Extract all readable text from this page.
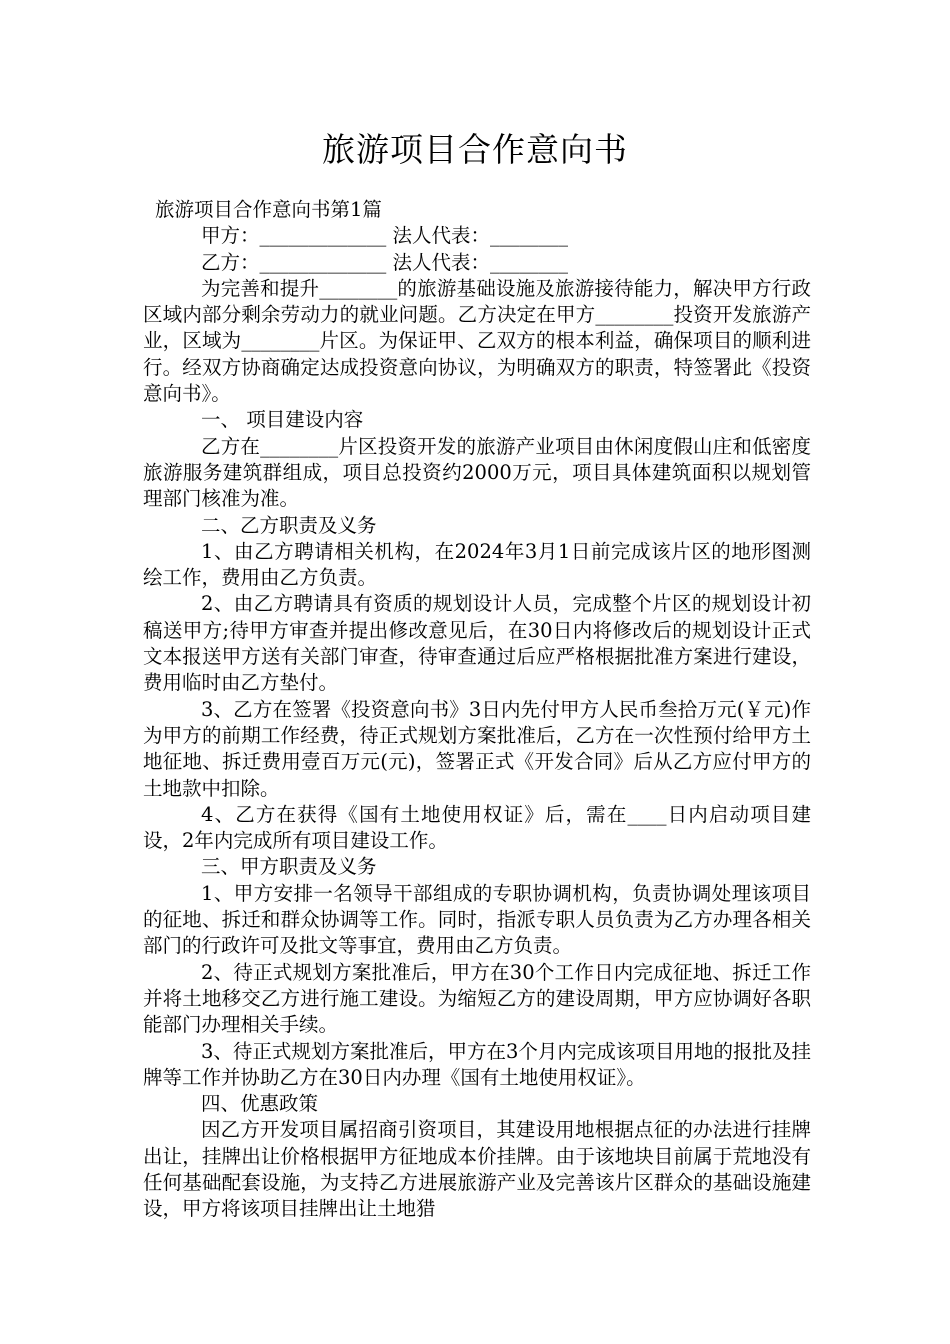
旅游项目合作意向书

旅游项目合作意向书第1篇

甲方：_____________ 法人代表：________

乙方：_____________ 法人代表：________

为完善和提升________的旅游基础设施及旅游接待能力，解决甲方行政区域内部分剩余劳动力的就业问题。乙方决定在甲方________投资开发旅游产业，区域为________片区。为保证甲、乙双方的根本利益，确保项目的顺利进行。经双方协商确定达成投资意向协议，为明确双方的职责，特签署此《投资意向书》。

一、 项目建设内容

乙方在________片区投资开发的旅游产业项目由休闲度假山庄和低密度旅游服务建筑群组成，项目总投资约2000万元，项目具体建筑面积以规划管理部门核准为准。

二、乙方职责及义务

1、由乙方聘请相关机构，在2024年3月1日前完成该片区的地形图测绘工作，费用由乙方负责。

2、由乙方聘请具有资质的规划设计人员，完成整个片区的规划设计初稿送甲方;待甲方审查并提出修改意见后，在30日内将修改后的规划设计正式文本报送甲方送有关部门审查，待审查通过后应严格根据批准方案进行建设，费用临时由乙方垫付。

3、乙方在签署《投资意向书》3日内先付甲方人民币叁拾万元(￥元)作为甲方的前期工作经费，待正式规划方案批准后，乙方在一次性预付给甲方土地征地、拆迁费用壹百万元(元)，签署正式《开发合同》后从乙方应付甲方的土地款中扣除。

4、乙方在获得《国有土地使用权证》后，需在____日内启动项目建设，2年内完成所有项目建设工作。

三、甲方职责及义务

1、甲方安排一名领导干部组成的专职协调机构，负责协调处理该项目的征地、拆迁和群众协调等工作。同时，指派专职人员负责为乙方办理各相关部门的行政许可及批文等事宜，费用由乙方负责。

2、待正式规划方案批准后，甲方在30个工作日内完成征地、拆迁工作并将土地移交乙方进行施工建设。为缩短乙方的建设周期，甲方应协调好各职能部门办理相关手续。

3、待正式规划方案批准后，甲方在3个月内完成该项目用地的报批及挂牌等工作并协助乙方在30日内办理《国有土地使用权证》。

四、优惠政策

因乙方开发项目属招商引资项目，其建设用地根据点征的办法进行挂牌出让，挂牌出让价格根据甲方征地成本价挂牌。由于该地块目前属于荒地没有任何基础配套设施，为支持乙方进展旅游产业及完善该片区群众的基础设施建设，甲方将该项目挂牌出让土地猎
